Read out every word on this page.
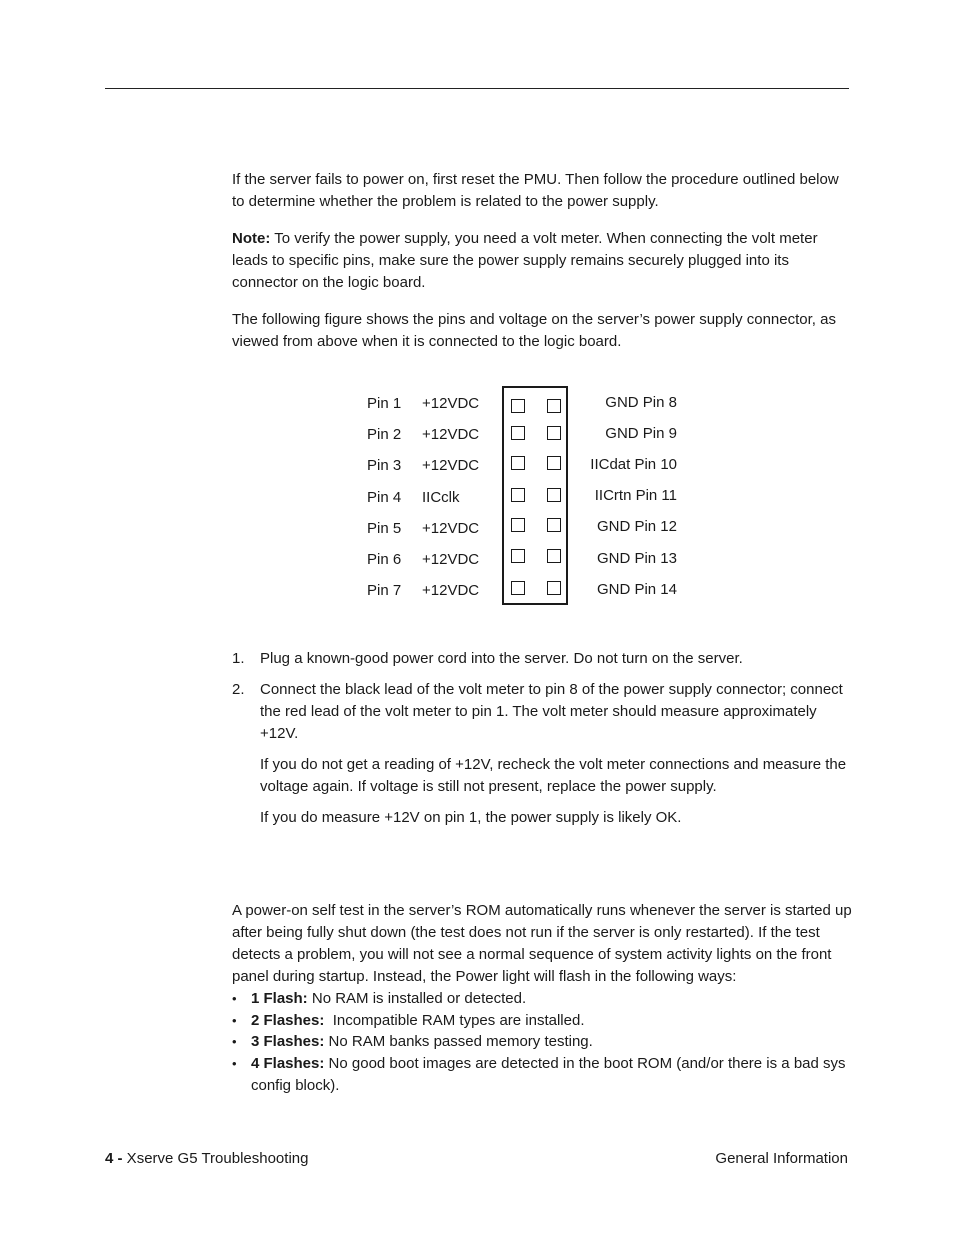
If the server fails to power on, first reset the PMU. Then follow the procedure outlined below to determine whether the problem is related to the power supply.

Note: To verify the power supply, you need a volt meter. When connecting the volt meter leads to specific pins, make sure the power supply remains securely plugged into its connector on the logic board.

The following figure shows the pins and voltage on the server’s power supply connector, as viewed from above when it is connected to the logic board.

Pin 1 +12VDC
Pin 2 +12VDC
Pin 3 +12VDC
Pin 4 IICclk
Pin 5 +12VDC
Pin 6 +12VDC
Pin 7 +12VDC
GND Pin 8
GND Pin 9
IICdat Pin 10
IICrtn Pin 11
GND Pin 12
GND Pin 13
GND Pin 14
1. Plug a known-good power cord into the server. Do not turn on the server.

2. Connect the black lead of the volt meter to pin 8 of the power supply connector; connect the red lead of the volt meter to pin 1. The volt meter should measure approximately +12V.

If you do not get a reading of +12V, recheck the volt meter connections and measure the voltage again. If voltage is still not present, replace the power supply.

If you do measure +12V on pin 1, the power supply is likely OK.

A power-on self test in the server’s ROM automatically runs whenever the server is started up after being fully shut down (the test does not run if the server is only restarted). If the test detects a problem, you will not see a normal sequence of system activity lights on the front panel during startup. Instead, the Power light will flash in the following ways:

• 1 Flash: No RAM is installed or detected.

• 2 Flashes:  Incompatible RAM types are installed.

• 3 Flashes: No RAM banks passed memory testing.

• 4 Flashes: No good boot images are detected in the boot ROM (and/or there is a bad sys config block).

4 - Xserve G5 Troubleshooting	General Information
